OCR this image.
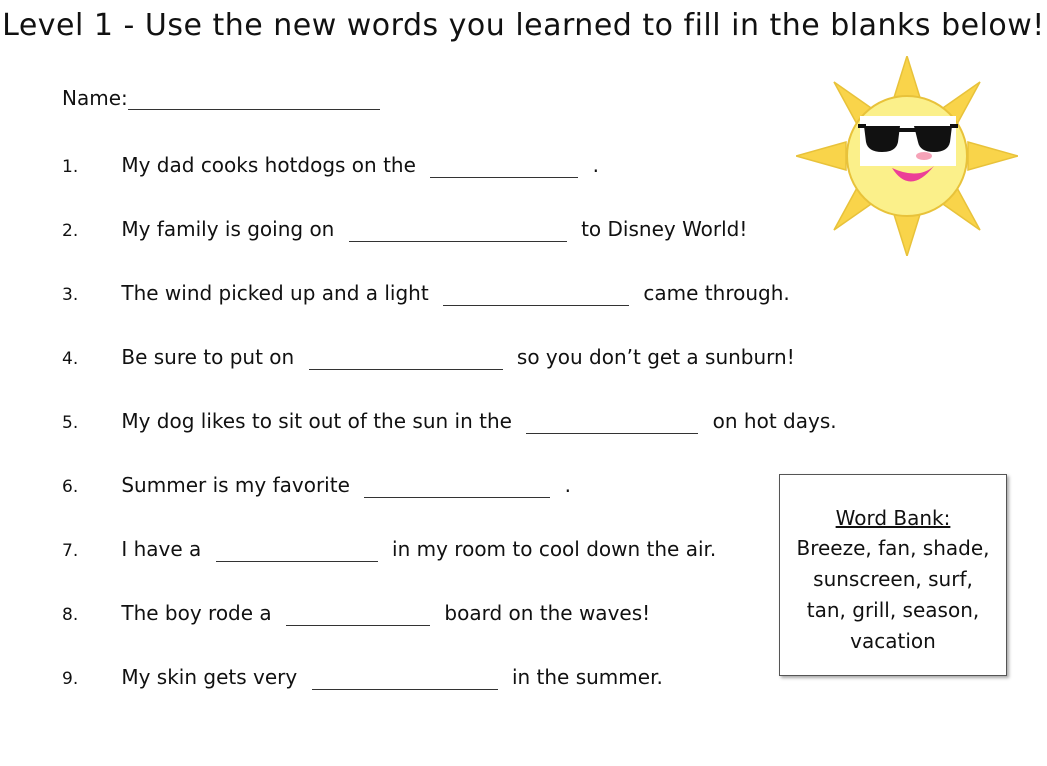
Level 1 - Use the new words you learned to fill in the blanks below!
Name:
1. My dad cooks hotdogs on the	.
2. My family is going on	to Disney World!
3. The wind picked up and a light	came through.
4. Be sure to put on	so you don’t get a sunburn!
5. My dog likes to sit out of the sun in the	on hot days.
6. Summer is my favorite	.
7. I have a	in my room to cool down the air.
8. The boy rode a	board on the waves!
9. My skin gets very	in the summer.
Word Bank:
Breeze, fan, shade,
sunscreen, surf,
tan, grill, season,
vacation
